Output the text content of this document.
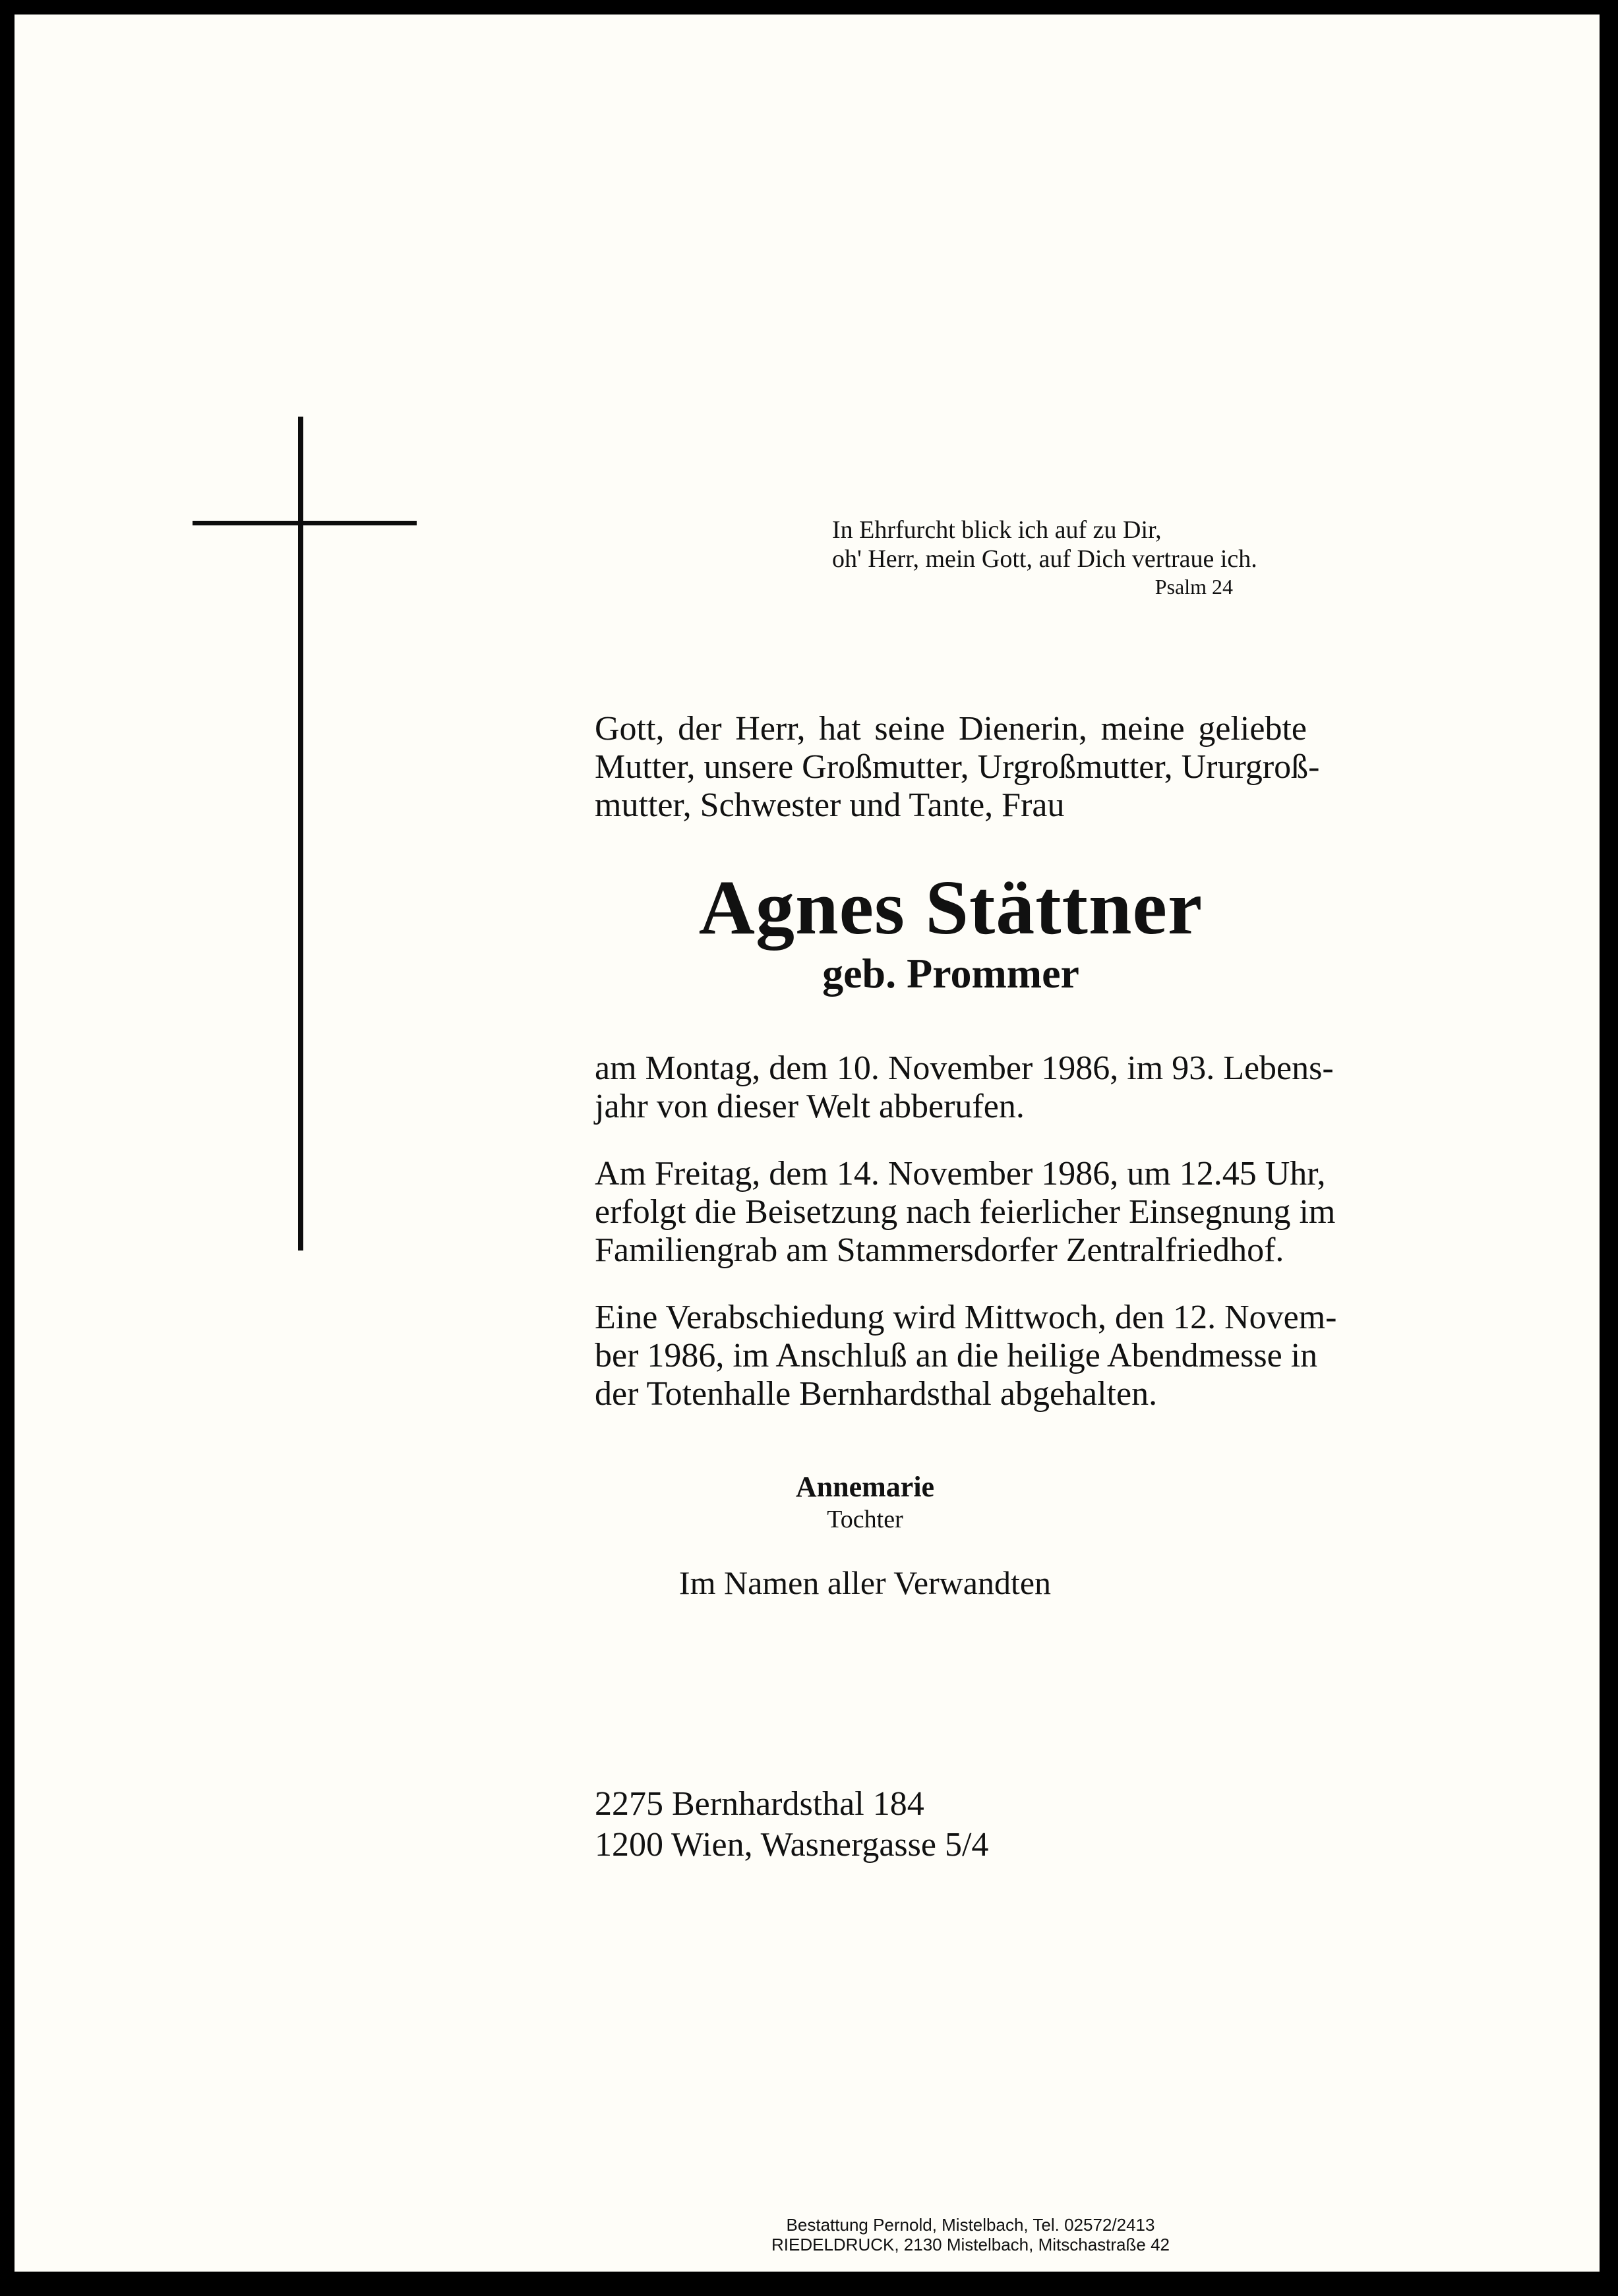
In Ehrfurcht blick ich auf zu Dir,
oh' Herr, mein Gott, auf Dich vertraue ich.
Psalm 24
Gott, der Herr, hat seine Dienerin, meine geliebte
Mutter, unsere Großmutter, Urgroßmutter, Ururgroß-
mutter, Schwester und Tante, Frau
Agnes Stättner
geb. Prommer
am Montag, dem 10. November 1986, im 93. Lebens-
jahr von dieser Welt abberufen.
Am Freitag, dem 14. November 1986, um 12.45 Uhr,
erfolgt die Beisetzung nach feierlicher Einsegnung im
Familiengrab am Stammersdorfer Zentralfriedhof.
Eine Verabschiedung wird Mittwoch, den 12. Novem-
ber 1986, im Anschluß an die heilige Abendmesse in
der Totenhalle Bernhardsthal abgehalten.
Annemarie
Tochter
Im Namen aller Verwandten
2275 Bernhardsthal 184
1200 Wien, Wasnergasse 5/4
Bestattung Pernold, Mistelbach, Tel. 02572/2413
RIEDELDRUCK, 2130 Mistelbach, Mitschastraße 42
